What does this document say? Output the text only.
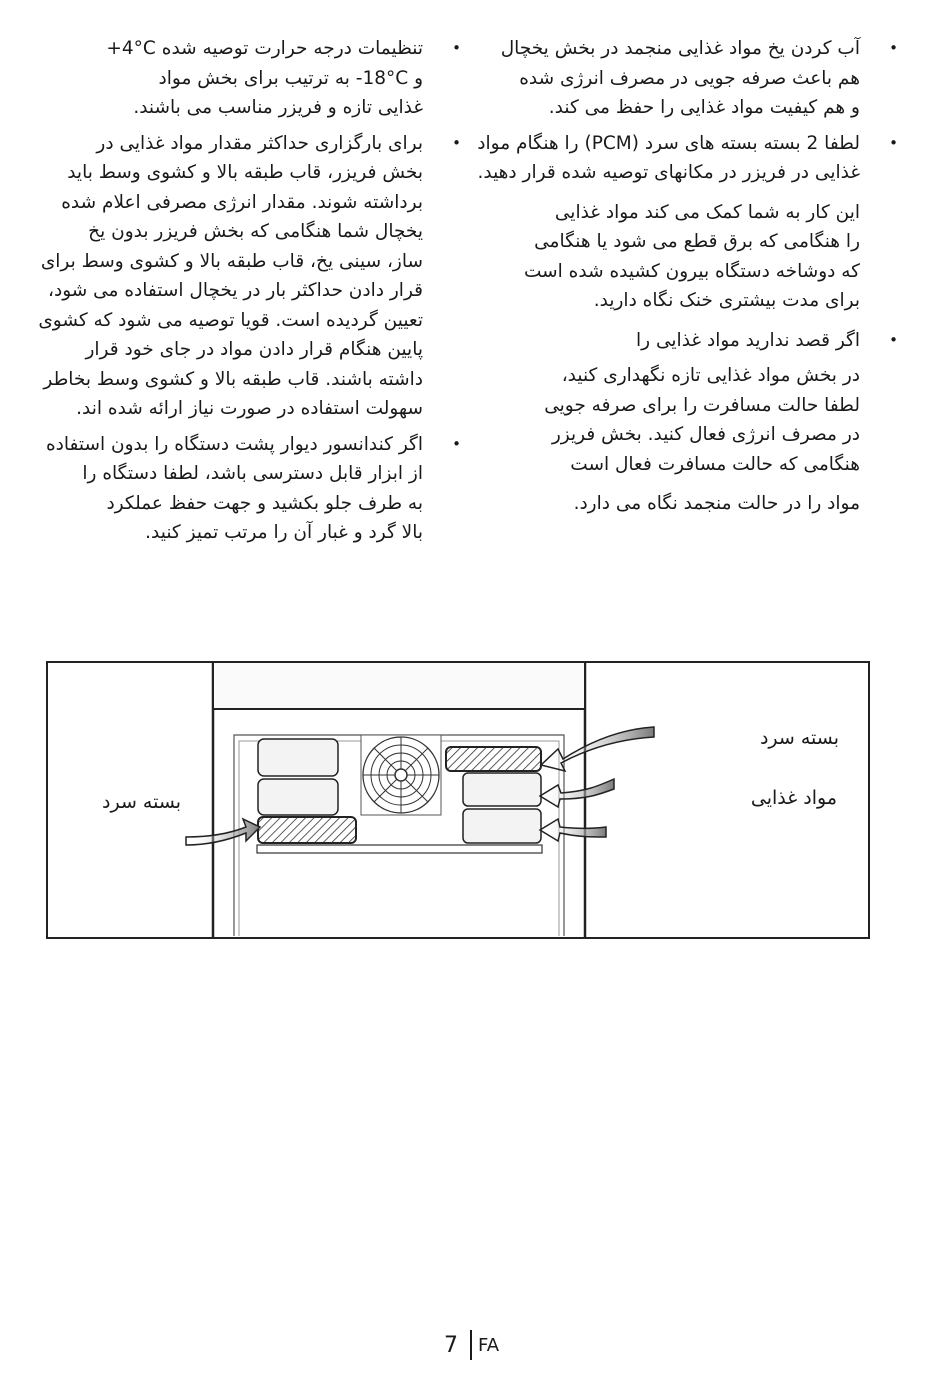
• آب کردن یخ مواد غذایی منجمد در بخش یخچال
هم باعث صرفه جویی در مصرف انرژی شده
و هم کیفیت مواد غذایی را حفظ می کند.
• لطفا 2 بسته بسته های سرد (PCM) را هنگام مواد
غذایی در فریزر در مکانهای توصیه شده قرار دهید.
این کار به شما کمک می کند مواد غذایی
را هنگامی که برق قطع می شود یا هنگامی
که دوشاخه دستگاه بیرون کشیده شده است
برای مدت بیشتری خنک نگاه دارید.
• اگر قصد ندارید مواد غذایی را
در بخش مواد غذایی تازه نگهداری کنید،
لطفا حالت مسافرت را برای صرفه جویی
در مصرف انرژی فعال کنید. بخش فریزر
هنگامی که حالت مسافرت فعال است
مواد را در حالت منجمد نگاه می دارد.
• تنظیمات درجه حرارت توصیه شده +4°C
و -18°C به ترتیب برای بخش مواد
غذایی تازه و فریزر مناسب می باشند.
• برای بارگزاری حداکثر مقدار مواد غذایی در
بخش فریزر، قاب طبقه بالا و کشوی وسط باید
برداشته شوند. مقدار انرژی مصرفی اعلام شده
یخچال شما هنگامی که بخش فریزر بدون یخ
ساز، سینی یخ، قاب طبقه بالا و کشوی وسط برای
قرار دادن حداکثر بار در یخچال استفاده می شود،
تعیین گردیده است. قویا توصیه می شود که کشوی
پایین هنگام قرار دادن مواد در جای خود قرار
داشته باشند. قاب طبقه بالا و کشوی وسط بخاطر
سهولت استفاده در صورت نیاز ارائه شده اند.
• اگر کندانسور دیوار پشت دستگاه را بدون استفاده
از ابزار قابل دسترسی باشد، لطفا دستگاه را
به طرف جلو بکشید و جهت حفظ عملکرد
بالا گرد و غبار آن را مرتب تمیز کنید.
بسته سرد
مواد غذایی
بسته سرد
7 FA
